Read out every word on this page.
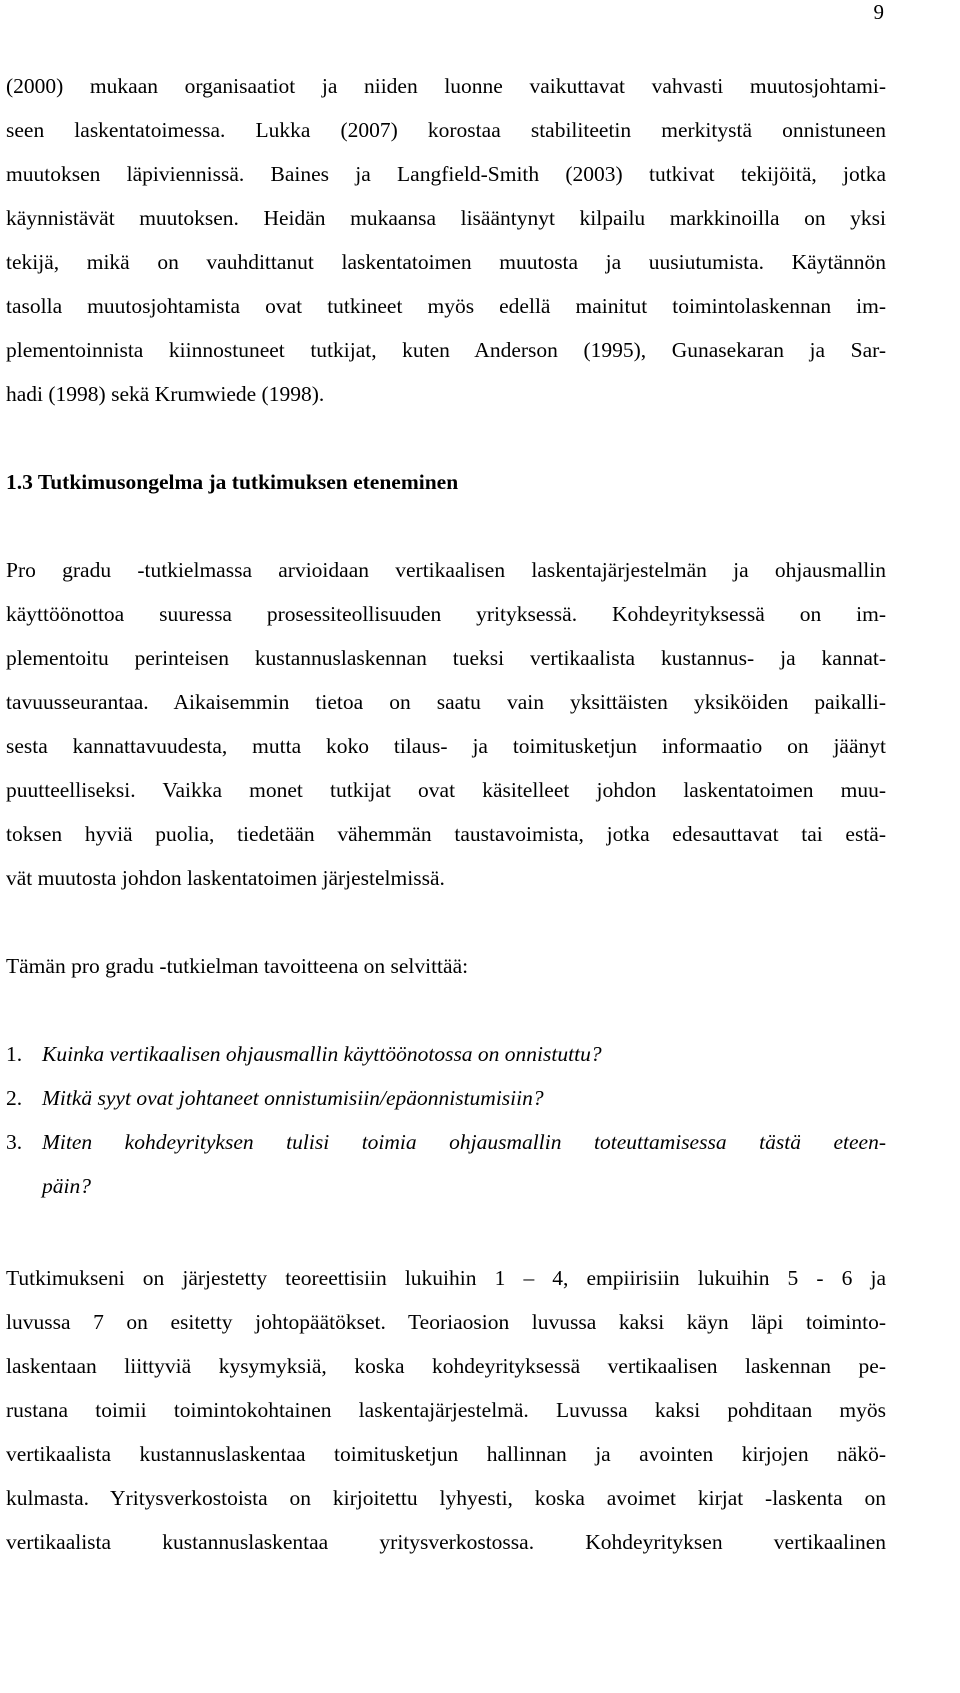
9
(2000) mukaan organisaatiot ja niiden luonne vaikuttavat vahvasti muutosjohtami-
seen laskentatoimessa. Lukka (2007) korostaa stabiliteetin merkitystä onnistuneen
muutoksen läpiviennissä. Baines ja Langfield-Smith (2003) tutkivat tekijöitä, jotka
käynnistävät muutoksen. Heidän mukaansa lisääntynyt kilpailu markkinoilla on yksi
tekijä, mikä on vauhdittanut laskentatoimen muutosta ja uusiutumista. Käytännön
tasolla muutosjohtamista ovat tutkineet myös edellä mainitut toimintolaskennan im-
plementoinnista kiinnostuneet tutkijat, kuten Anderson (1995), Gunasekaran ja Sar-
hadi (1998) sekä Krumwiede (1998).
1.3 Tutkimusongelma ja tutkimuksen eteneminen
Pro gradu -tutkielmassa arvioidaan vertikaalisen laskentajärjestelmän ja ohjausmallin
käyttöönottoa suuressa prosessiteollisuuden yrityksessä. Kohdeyrityksessä on im-
plementoitu perinteisen kustannuslaskennan tueksi vertikaalista kustannus- ja kannat-
tavuusseurantaa. Aikaisemmin tietoa on saatu vain yksittäisten yksiköiden paikalli-
sesta kannattavuudesta, mutta koko tilaus- ja toimitusketjun informaatio on jäänyt
puutteelliseksi. Vaikka monet tutkijat ovat käsitelleet johdon laskentatoimen muu-
toksen hyviä puolia, tiedetään vähemmän taustavoimista, jotka edesauttavat tai estä-
vät muutosta johdon laskentatoimen järjestelmissä.
Tämän pro gradu -tutkielman tavoitteena on selvittää:
1. Kuinka vertikaalisen ohjausmallin käyttöönotossa on onnistuttu?
2. Mitkä syyt ovat johtaneet onnistumisiin/epäonnistumisiin?
3. Miten kohdeyrityksen tulisi toimia ohjausmallin toteuttamisessa tästä eteen-
päin?
Tutkimukseni on järjestetty teoreettisiin lukuihin 1 – 4, empiirisiin lukuihin 5 - 6 ja
luvussa 7 on esitetty johtopäätökset. Teoriaosion luvussa kaksi käyn läpi toiminto-
laskentaan liittyviä kysymyksiä, koska kohdeyrityksessä vertikaalisen laskennan pe-
rustana toimii toimintokohtainen laskentajärjestelmä. Luvussa kaksi pohditaan myös
vertikaalista kustannuslaskentaa toimitusketjun hallinnan ja avointen kirjojen näkö-
kulmasta. Yritysverkostoista on kirjoitettu lyhyesti, koska avoimet kirjat -laskenta on
vertikaalista kustannuslaskentaa yritysverkostossa. Kohdeyrityksen vertikaalinen
